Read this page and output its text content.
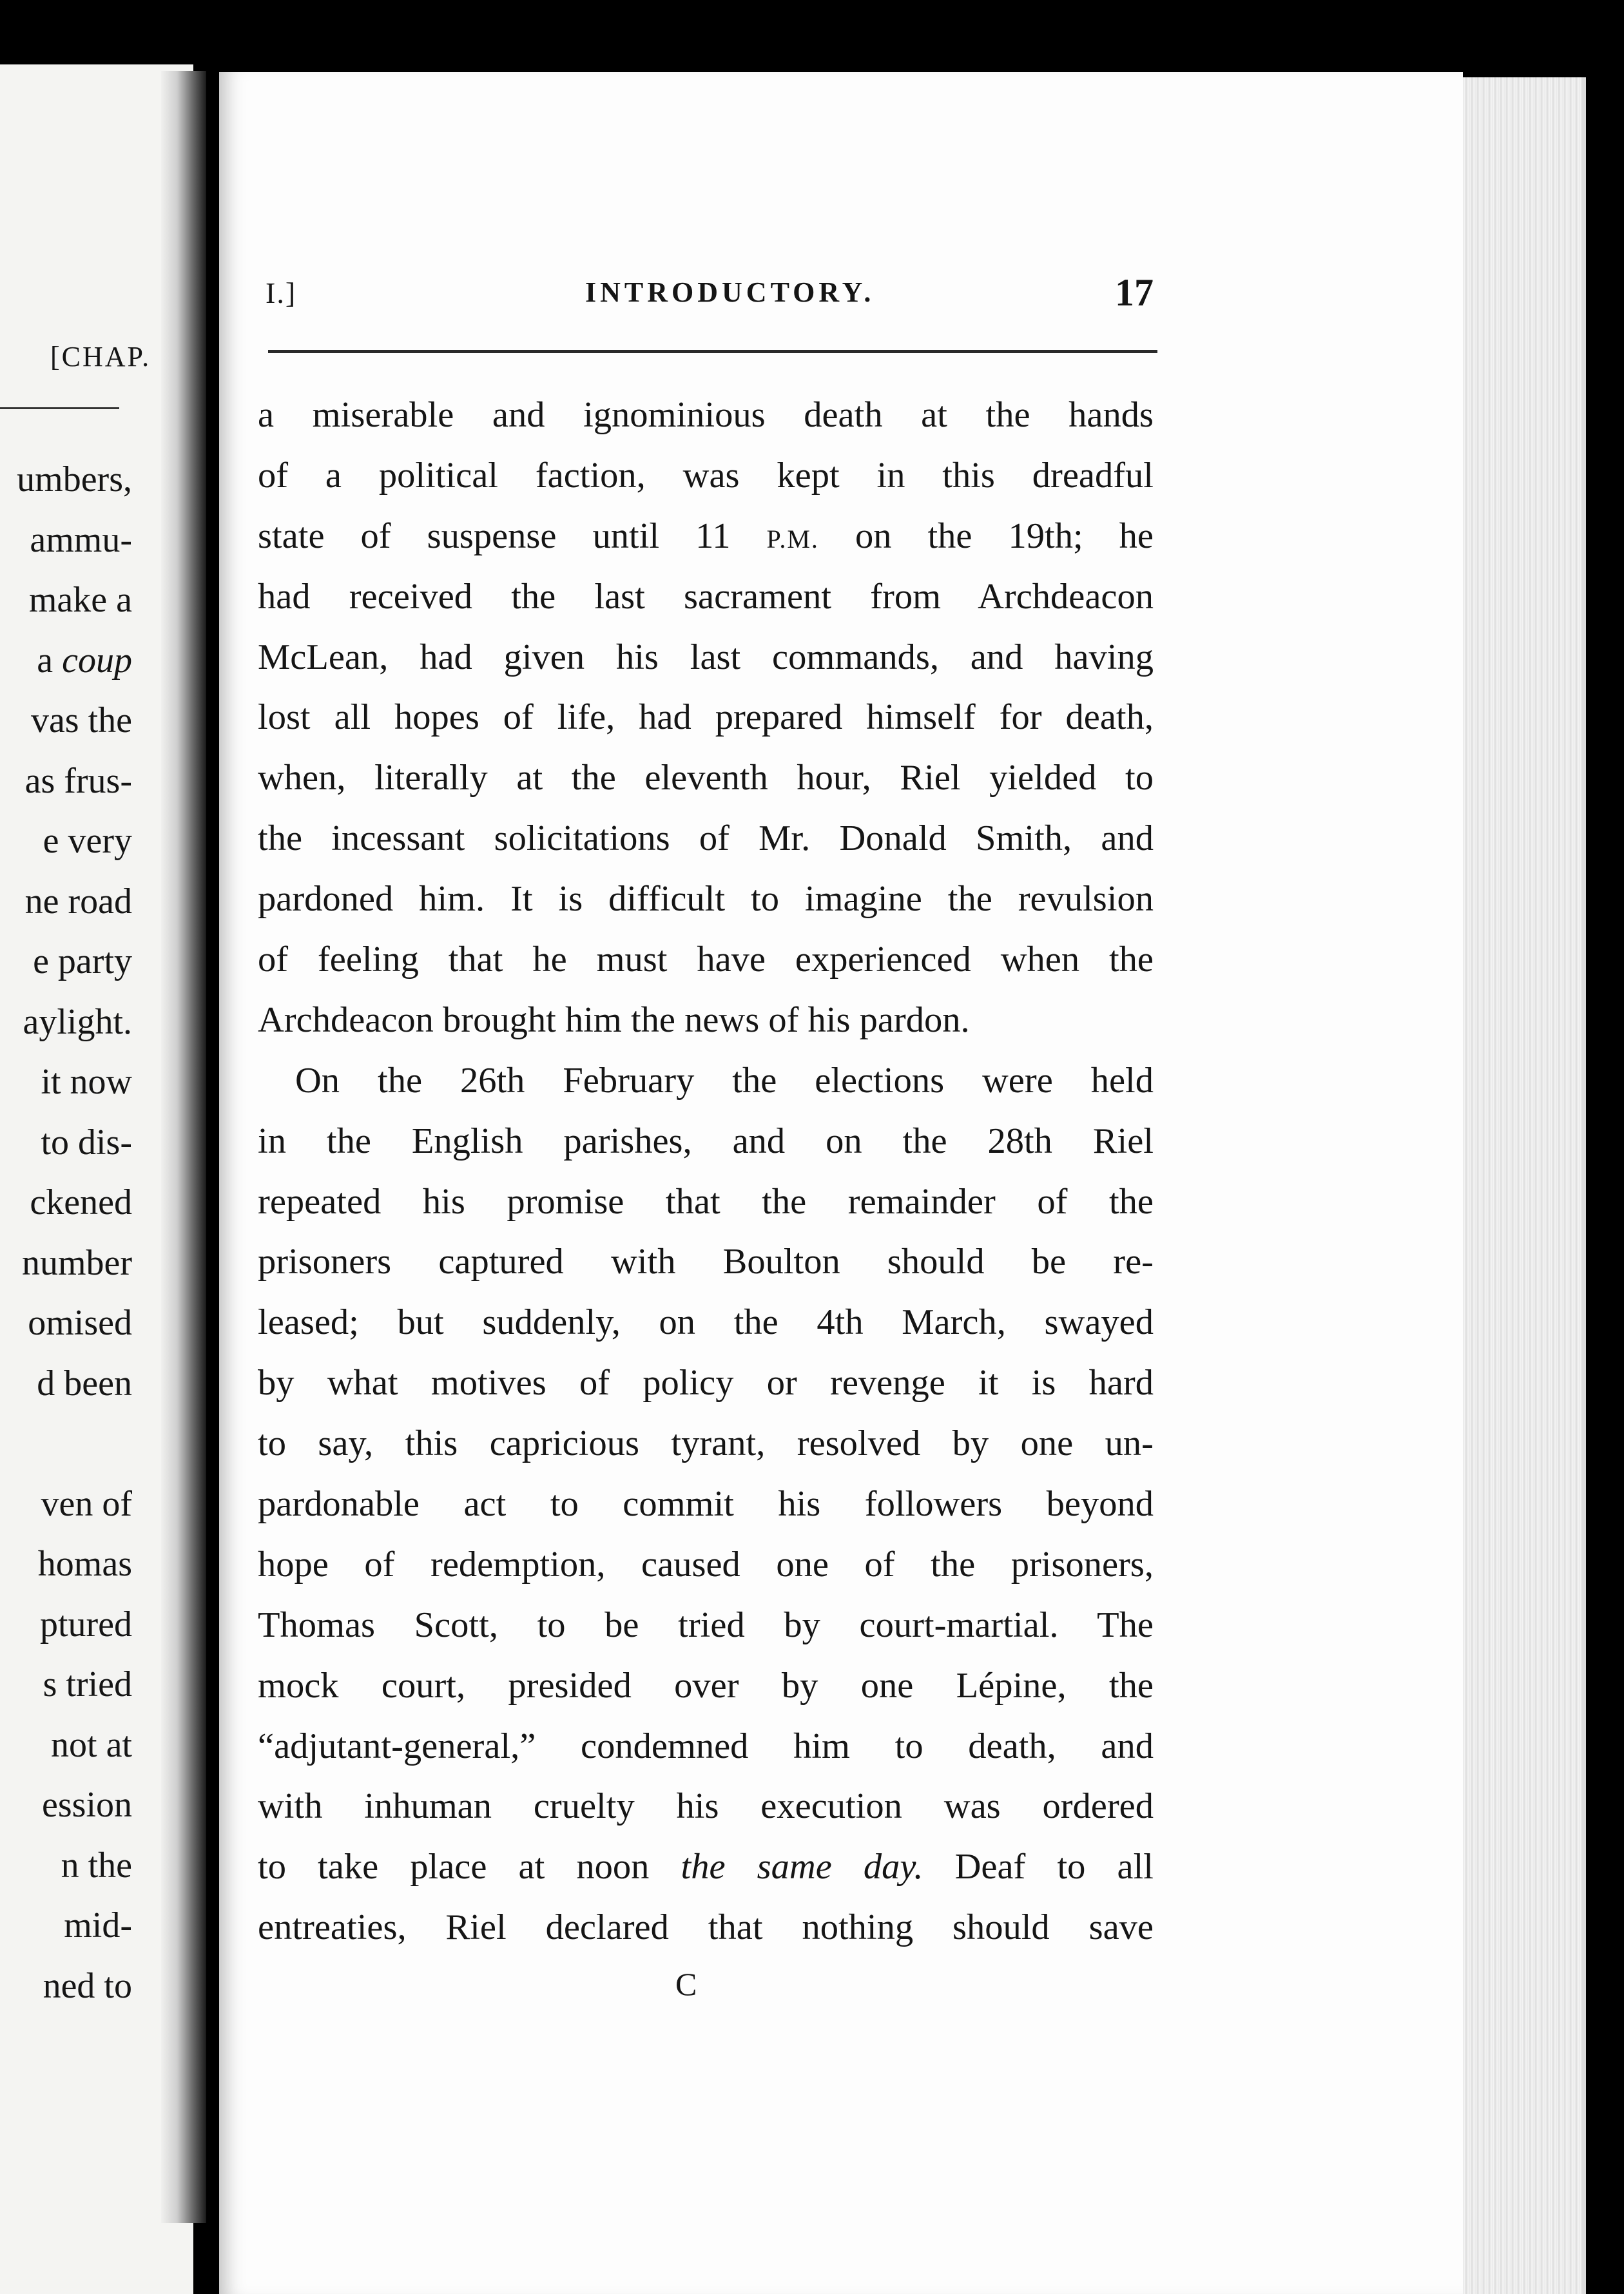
[CHAP.
umbers,
ammu-
make a
a coup
vas the
as frus-
e very
ne road
e party
aylight.
it now
to dis-
ckened
number
omised
d been
ven of
homas
ptured
s tried
not at
ession
n the
mid-
ned to
I.]	INTRODUCTORY.	17
a miserable and ignominious death at the hands
of a political faction, was kept in this dreadful
state of suspense until 11 P.M. on the 19th; he
had received the last sacrament from Archdeacon
McLean, had given his last commands, and having
lost all hopes of life, had prepared himself for death,
when, literally at the eleventh hour, Riel yielded to
the incessant solicitations of Mr. Donald Smith, and
pardoned him. It is difficult to imagine the revulsion
of feeling that he must have experienced when the
Archdeacon brought him the news of his pardon.
On the 26th February the elections were held
in the English parishes, and on the 28th Riel
repeated his promise that the remainder of the
prisoners captured with Boulton should be re-
leased; but suddenly, on the 4th March, swayed
by what motives of policy or revenge it is hard
to say, this capricious tyrant, resolved by one un-
pardonable act to commit his followers beyond
hope of redemption, caused one of the prisoners,
Thomas Scott, to be tried by court-martial. The
mock court, presided over by one Lépine, the
“adjutant-general,” condemned him to death, and
with inhuman cruelty his execution was ordered
to take place at noon the same day. Deaf to all
entreaties, Riel declared that nothing should save
C
